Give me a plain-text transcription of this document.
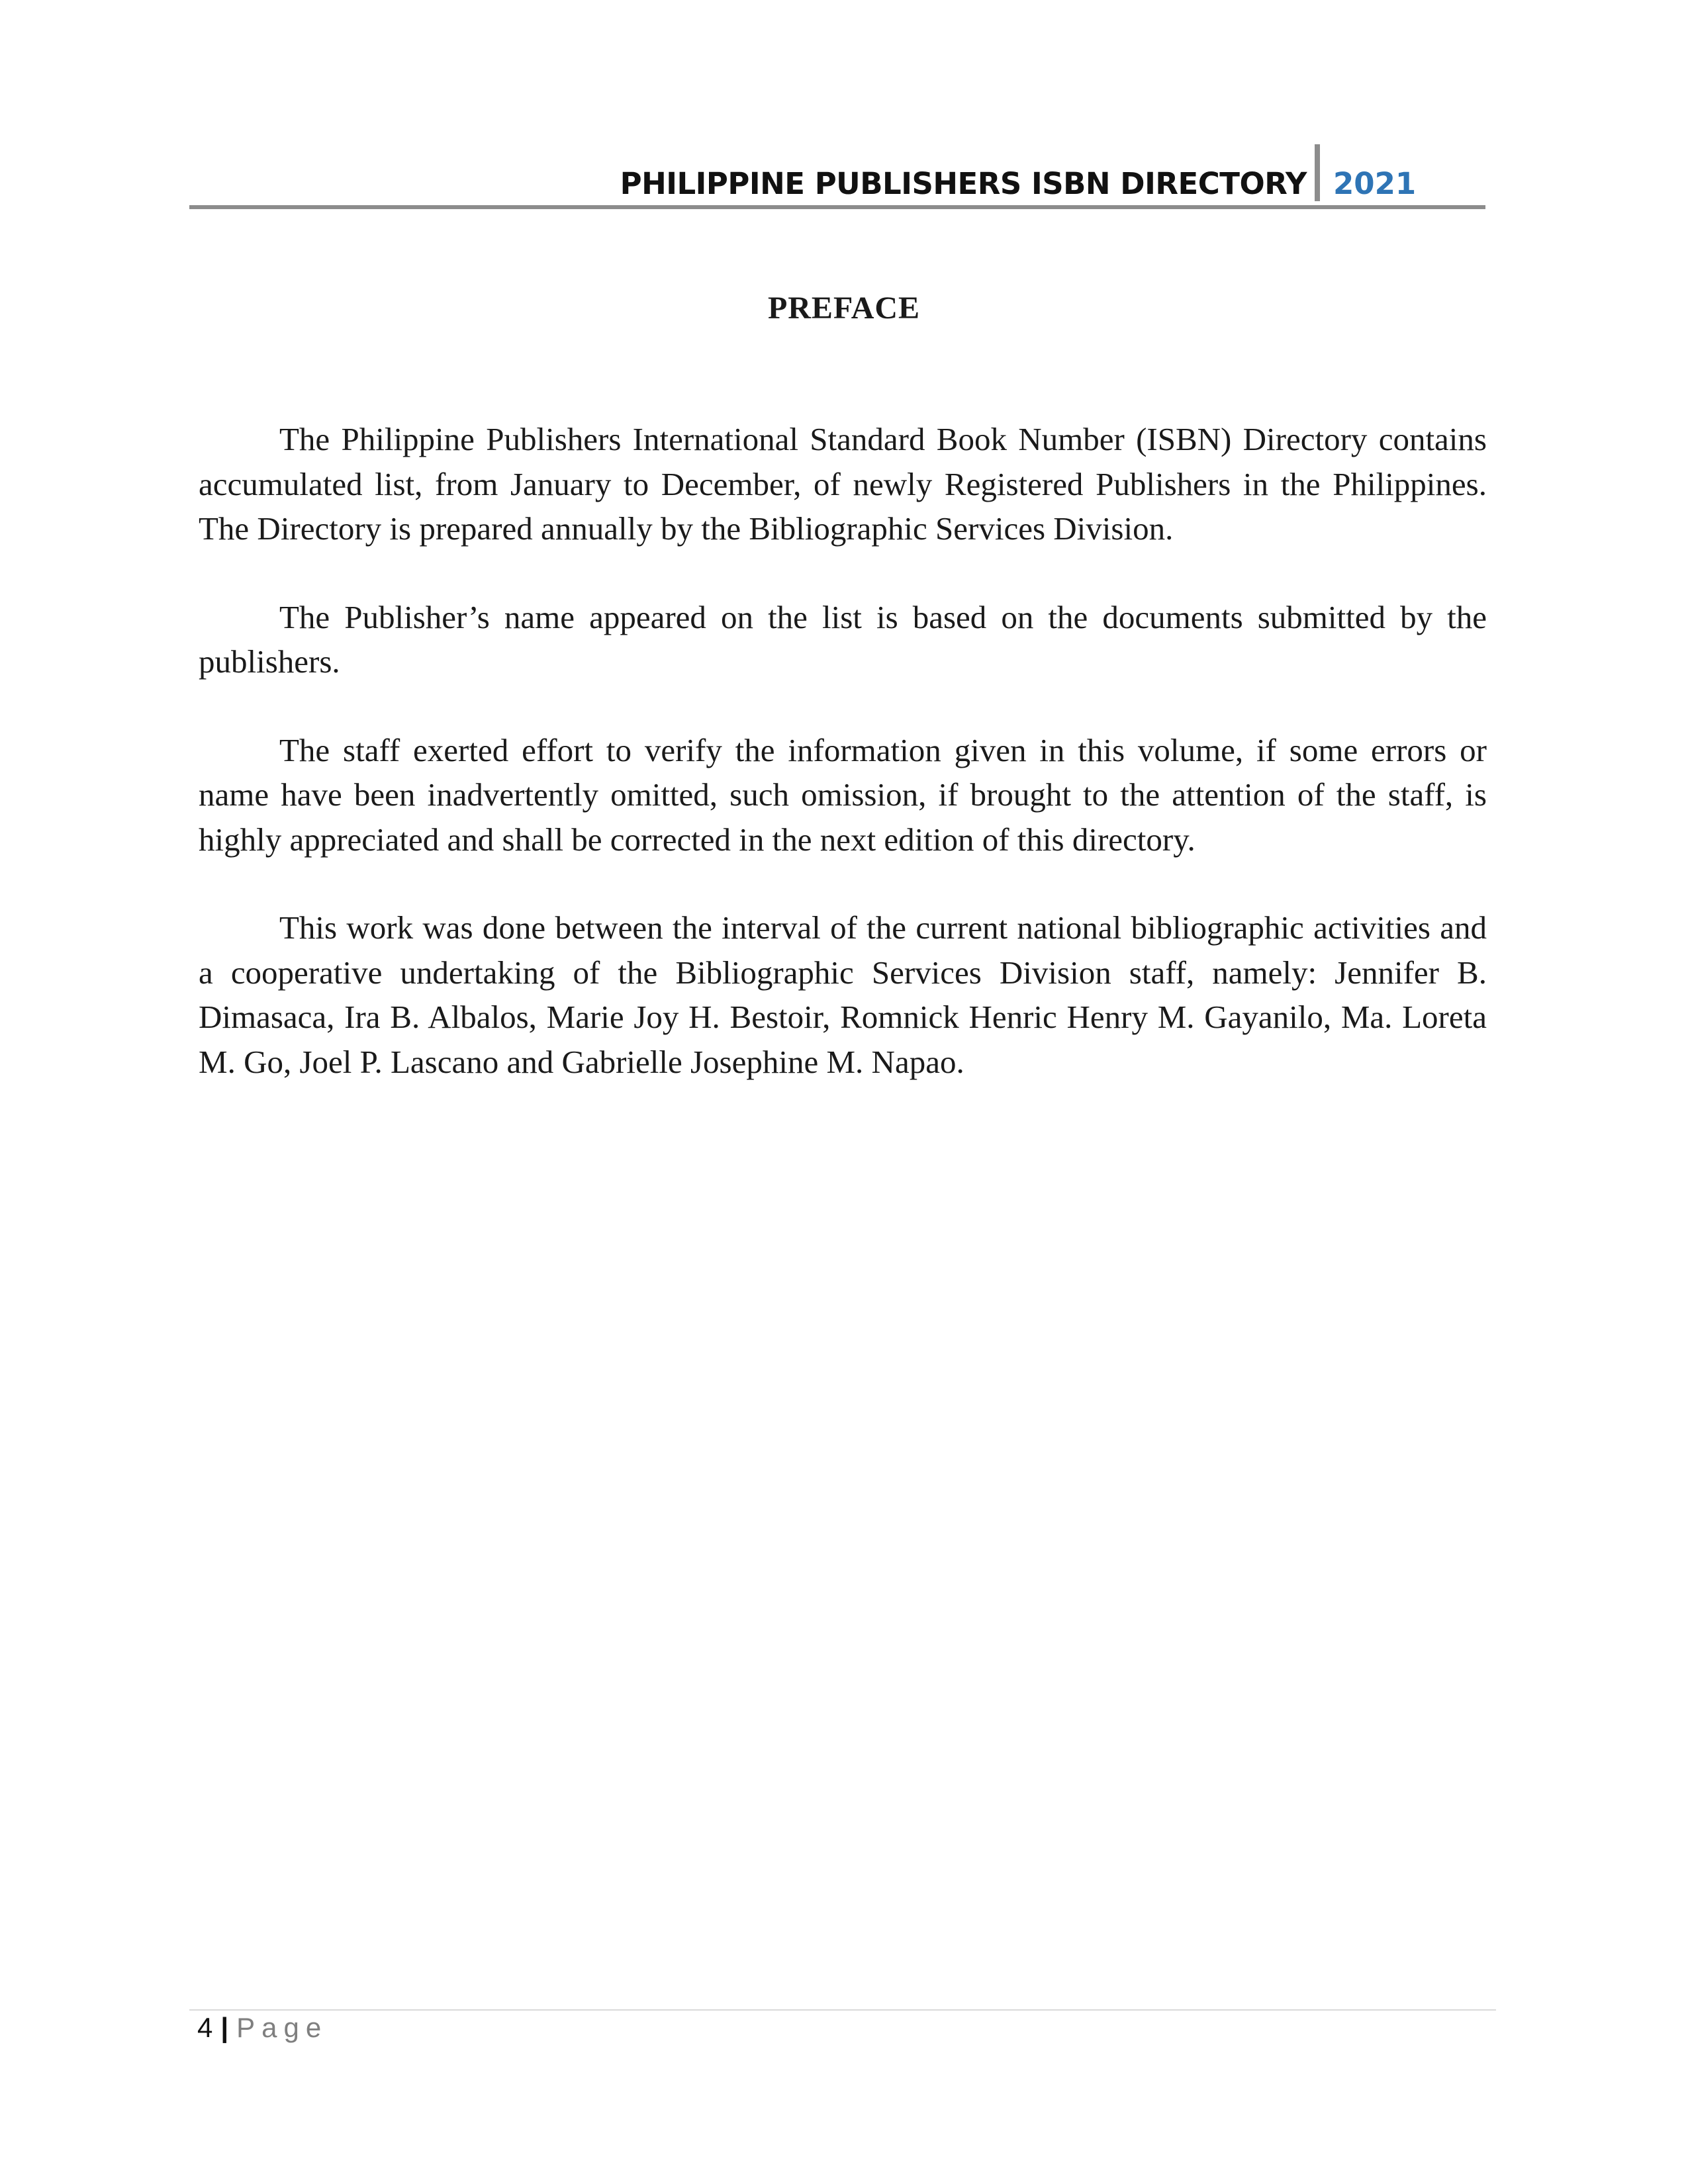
PHILIPPINE PUBLISHERS ISBN DIRECTORY 2021
PREFACE

The Philippine Publishers International Standard Book Number (ISBN) Directory contains accumulated list, from January to December, of newly Registered Publishers in the Philippines. The Directory is prepared annually by the Bibliographic Services Division.

The Publisher’s name appeared on the list is based on the documents submitted by the publishers.

The staff exerted effort to verify the information given in this volume, if some errors or name have been inadvertently omitted, such omission, if brought to the attention of the staff, is highly appreciated and shall be corrected in the next edition of this directory.

This work was done between the interval of the current national bibliographic activities and a cooperative undertaking of the Bibliographic Services Division staff, namely: Jennifer B. Dimasaca, Ira B. Albalos, Marie Joy H. Bestoir, Romnick Henric Henry M. Gayanilo, Ma. Loreta M. Go, Joel P. Lascano and Gabrielle Josephine M. Napao.

4 | Page
